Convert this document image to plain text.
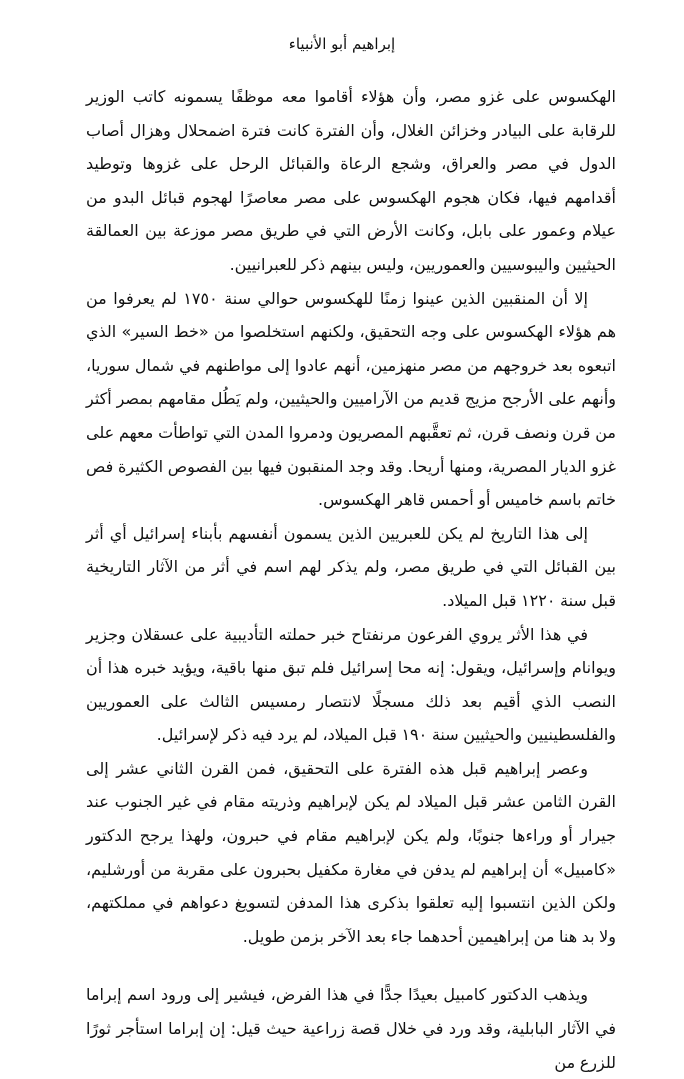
إبراهيم أبو الأنبياء

الهكسوس على غزو مصر، وأن هؤلاء أقاموا معه موظفًا يسمونه كاتب الوزير للرقابة على البيادر وخزائن الغلال، وأن الفترة كانت فترة اضمحلال وهزال أصاب الدول في مصر والعراق، وشجع الرعاة والقبائل الرحل على غزوها وتوطيد أقدامهم فيها، فكان هجوم الهكسوس على مصر معاصرًا لهجوم قبائل البدو من عيلام وعمور على بابل، وكانت الأرض التي في طريق مصر موزعة بين العمالقة الحيثيين واليبوسيين والعموريين، وليس بينهم ذكر للعبرانيين.

إلا أن المنقبين الذين عينوا زمنًا للهكسوس حوالي سنة ١٧٥٠ لم يعرفوا من هم هؤلاء الهكسوس على وجه التحقيق، ولكنهم استخلصوا من «خط السير» الذي اتبعوه بعد خروجهم من مصر منهزمين، أنهم عادوا إلى مواطنهم في شمال سوريا، وأنهم على الأرجح مزيج قديم من الآراميين والحيثيين، ولم يَطُل مقامهم بمصر أكثر من قرن ونصف قرن، ثم تعقَّبهم المصريون ودمروا المدن التي تواطأت معهم على غزو الديار المصرية، ومنها أريحا. وقد وجد المنقبون فيها بين الفصوص الكثيرة فص خاتم باسم خاميس أو أحمس قاهر الهكسوس.

إلى هذا التاريخ لم يكن للعبريين الذين يسمون أنفسهم بأبناء إسرائيل أي أثر بين القبائل التي في طريق مصر، ولم يذكر لهم اسم في أثر من الآثار التاريخية قبل سنة ١٢٢٠ قبل الميلاد.

في هذا الأثر يروي الفرعون مرنفتاح خبر حملته التأديبية على عسقلان وجزير ويوانام وإسرائيل، ويقول: إنه محا إسرائيل فلم تبق منها باقية، ويؤيد خبره هذا أن النصب الذي أقيم بعد ذلك مسجلًا لانتصار رمسيس الثالث على العموريين والفلسطينيين والحيثيين سنة ١٩٠ قبل الميلاد، لم يرد فيه ذكر لإسرائيل.

وعصر إبراهيم قبل هذه الفترة على التحقيق، فمن القرن الثاني عشر إلى القرن الثامن عشر قبل الميلاد لم يكن لإبراهيم وذريته مقام في غير الجنوب عند جيرار أو وراءها جنوبًا، ولم يكن لإبراهيم مقام في حبرون، ولهذا يرجح الدكتور «كامبيل» أن إبراهيم لم يدفن في مغارة مكفيل بحبرون على مقربة من أورشليم، ولكن الذين انتسبوا إليه تعلقوا بذكرى هذا المدفن لتسويغ دعواهم في مملكتهم، ولا بد هنا من إبراهيمين أحدهما جاء بعد الآخر بزمن طويل.

ويذهب الدكتور كامبيل بعيدًا جدًّا في هذا الفرض، فيشير إلى ورود اسم إبراما في الآثار البابلية، وقد ورد في خلال قصة زراعية حيث قيل: إن إبراما استأجر ثورًا للزرع من
